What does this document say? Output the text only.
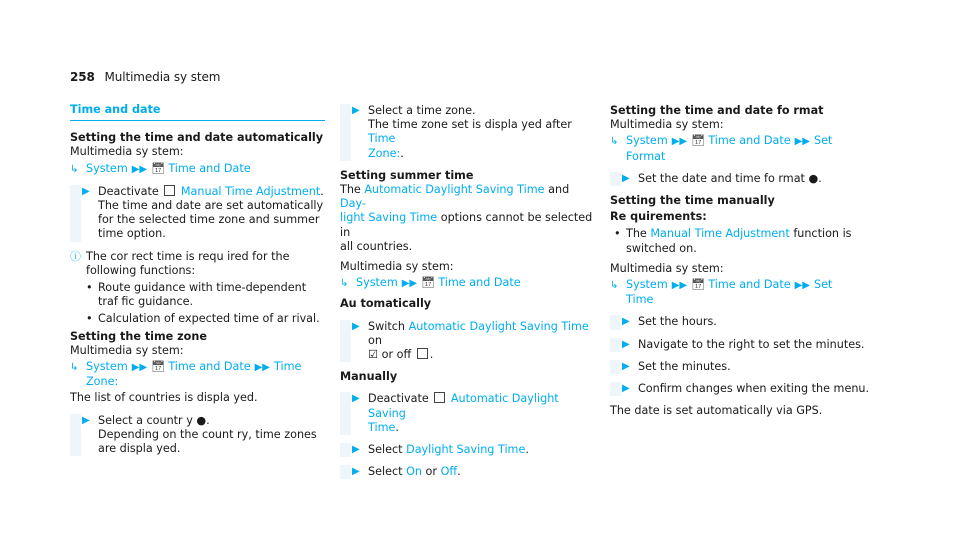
258 Multimedia sy stem
Time and date
Setting the time and date automatically
Multimedia sy stem:
↳ System ▶▶ 📅︎ Time and Date
▶ Deactivate Manual Time Adjustment.
The time and date are set automatically for the selected time zone and summer time option.
ⓘ The cor rect time is requ ired for the following functions:
• Route guidance with time-dependent traf fic guidance.
• Calculation of expected time of ar rival.
Setting the time zone
Multimedia sy stem:
↳ System ▶▶ 📅︎ Time and Date ▶▶ Time
Zone:
The list of countries is displa yed.
▶ Select a countr y ●.
Depending on the count ry, time zones are displa yed.
▶ Select a time zone.
The time zone set is displa yed after Time
Zone:.
Setting summer time
The Automatic Daylight Saving Time and Day-
light Saving Time options cannot be selected in
all countries.
Multimedia sy stem:
↳ System ▶▶ 📅︎ Time and Date
Au tomatically
▶ Switch Automatic Daylight Saving Time on
☑ or off .
Manually
▶ Deactivate Automatic Daylight Saving
Time.
▶ Select Daylight Saving Time.
▶ Select On or Off.
Setting the time and date fo rmat
Multimedia sy stem:
↳ System ▶▶ 📅︎ Time and Date ▶▶ Set
Format
▶ Set the date and time fo rmat ●.
Setting the time manually
Re quirements:
• The Manual Time Adjustment function is
switched on.
Multimedia sy stem:
↳ System ▶▶ 📅︎ Time and Date ▶▶ Set
Time
▶ Set the hours.
▶ Navigate to the right to set the minutes.
▶ Set the minutes.
▶ Confirm changes when exiting the menu.
The date is set automatically via GPS.
